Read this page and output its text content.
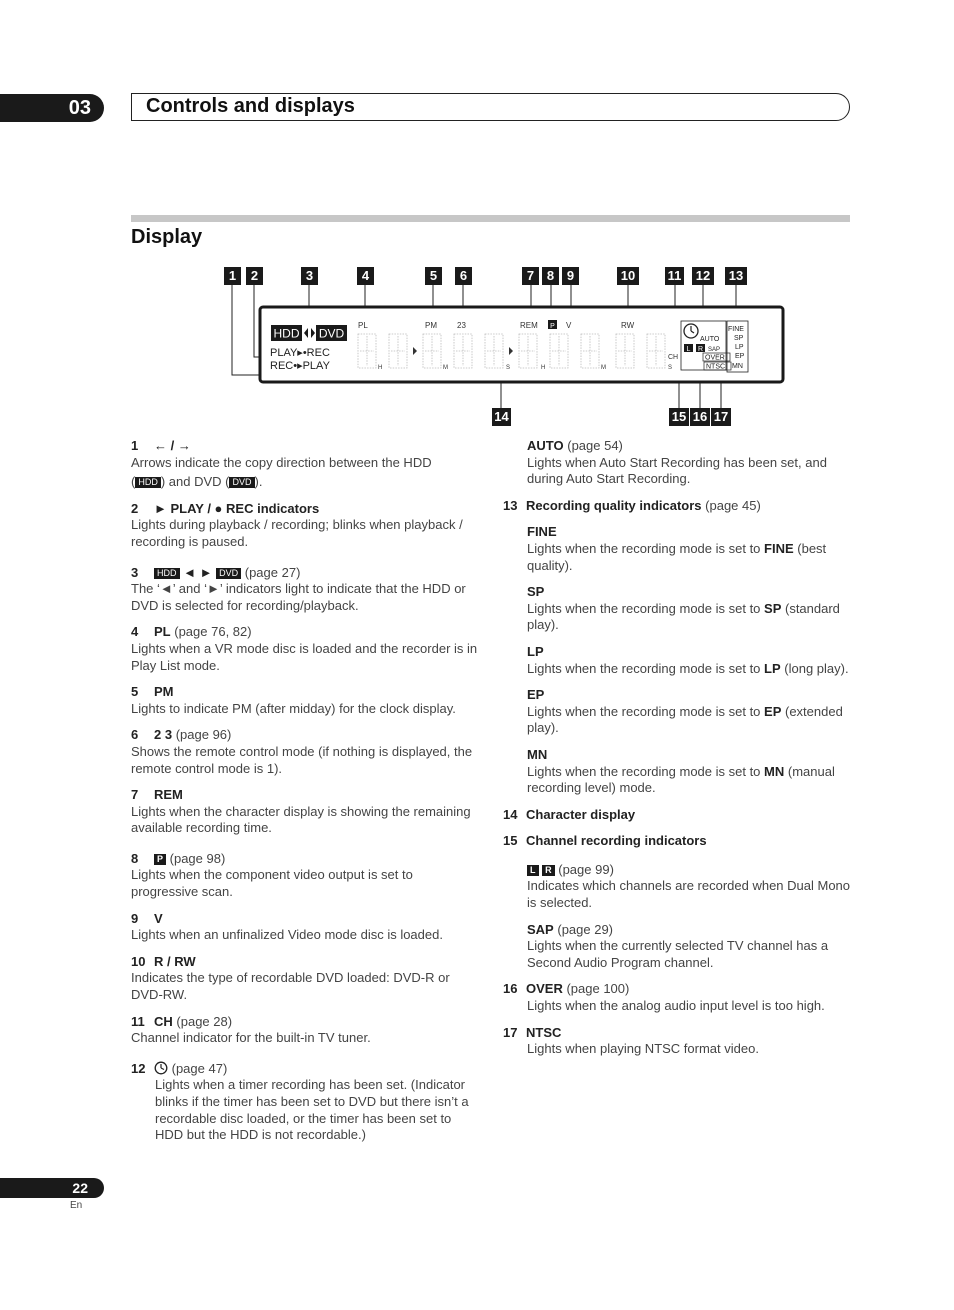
03	Controls and displays
Display
1	2	3	4	5	6	7 8 9	10 11 12 13
14	15 16 17
HDD DVD
PLAY▸•REC
REC•▸PLAY
PL	PM	23	REM	V	RW
CH
H	M	S	H	M	S
P
AUTO
L R SAP
OVER
NTSC
FINE
SP
LP
EP
MN
1 ← / →
Arrows indicate the copy direction between the HDD
( HDD ) and DVD ( DVD ).
2 ► PLAY / ● REC indicators
Lights during playback / recording; blinks when playback / recording is paused.
3 HDD ◄ ► DVD (page 27)
The ‘◄’ and ‘►’ indicators light to indicate that the HDD or DVD is selected for recording/playback.
4 PL (page 76, 82)
Lights when a VR mode disc is loaded and the recorder is in Play List mode.
5 PM
Lights to indicate PM (after midday) for the clock display.
6 2 3 (page 96)
Shows the remote control mode (if nothing is displayed, the remote control mode is 1).
7 REM
Lights when the character display is showing the remaining available recording time.
8 P (page 98)
Lights when the component video output is set to progressive scan.
9 V
Lights when an unfinalized Video mode disc is loaded.
10 R / RW
Indicates the type of recordable DVD loaded: DVD-R or DVD-RW.
11 CH (page 28)
Channel indicator for the built-in TV tuner.
12 (page 47)
Lights when a timer recording has been set. (Indicator blinks if the timer has been set to DVD but there isn’t a recordable disc loaded, or the timer has been set to HDD but the HDD is not recordable.)
AUTO (page 54)
Lights when Auto Start Recording has been set, and during Auto Start Recording.
13 Recording quality indicators (page 45)
FINE
Lights when the recording mode is set to FINE (best quality).
SP
Lights when the recording mode is set to SP (standard play).
LP
Lights when the recording mode is set to LP (long play).
EP
Lights when the recording mode is set to EP (extended play).
MN
Lights when the recording mode is set to MN (manual recording level) mode.
14 Character display
15 Channel recording indicators
L R (page 99)
Indicates which channels are recorded when Dual Mono is selected.
SAP (page 29)
Lights when the currently selected TV channel has a Second Audio Program channel.
16 OVER (page 100)
Lights when the analog audio input level is too high.
17 NTSC
Lights when playing NTSC format video.
22
En
